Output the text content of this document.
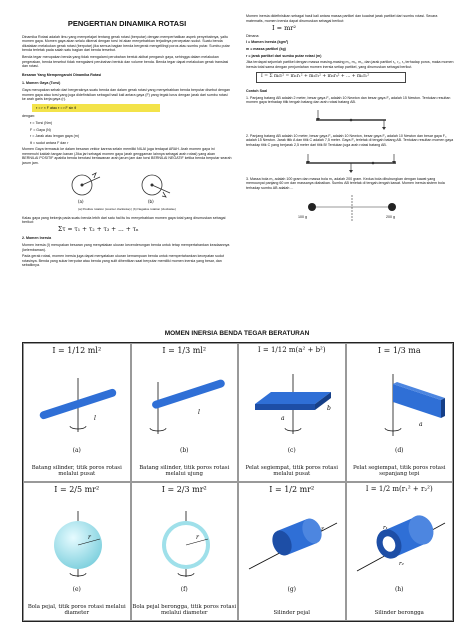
PENGERTIAN DINAMIKA ROTASI
Dinamika Rotasi adalah ilmu yang mempelajari tentang gerak rotasi (berputar) dengan memperhatikan aspek penyebabnya, yaitu momen gaya. Momen gaya akan selalu dikenal dengan torsi ini akan menyebabkan terjadinya percepatan sudut. Suatu benda dikatakan melakukan gerak rotasi (berputar) jika semua bagian benda bergerak mengelilingi poros atau sumbu putar. Sumbu putar benda terletak pada salah satu bagian dari benda tersebut.
Benda tegar merupakan benda yang tidak mengalami perubahan bentuk akibat pengaruh gaya, sehingga dalam melakukan pergerakan, benda tersebut tidak mengalami perubahan bentuk dan volume benda. Benda tegar dapat melakukan gerak translasi dan rotasi.
Besaran Yang Mempengaruhi Dinamika Rotasi
1. Momen Gaya (Torsi)
Gaya merupakan sebab dari bergeraknya suatu benda dan dalam gerak rotasi yang menyebabkan benda berputar disebut dengan momen gaya atau torsi yang juga didefinisikan sebagai hasil kali antara gaya (F) yang tegak lurus dengan jarak dari sumbu rotasi ke arah garis kerja gaya (r).
τ = r × F atau τ = r.F sin θ
dengan:
τ = Torsi (Nm)
F = Gaya (N)
r = Jarak atau lengan gaya (m)
θ = sudut antara F dan r
Momen Gaya termasuk ke dalam besaran vektor karena selain memiliki NILAI juga terdapat ARAH. Arah momen gaya ini memenuhi kaidah tangan kanan (Jika jari sebagai momen gaya (arah genggaman lainnya sebagai arah rotasi) yang akan BERNILAI POSITIF apabila benda berotasi berlawanan arah jarum jam dan torsi BERNILAI NEGATIF ketika benda berputar searah jarum jam.
(a)	(b)
(a) Positive rotation (counter clockwise) | (b) Negative rotation (clockwise)
Kalau gaya yang bekerja pada suatu benda lebih dari satu hal itu bu menyebabkan momen gaya total yang dirumuskan sebagai berikut:
Στ = τ₁ + τ₂ + τ₃ + ... + τₙ
2. Momen Inersia
Momen inersia (I) merupakan besaran yang menyatakan ukuran kecenderungan benda untuk tetap mempertahankan keadaannya (kelembaman).
Pada gerak rotasi, momen inersia juga dapat menyatakan ukuran kemampuan benda untuk mempertahankan kecepatan sudut rotasinya. Benda yang sukar berputar atau benda yang sulit dihentikan saat berputar memiliki momen inersia yang besar, dan sebaliknya.
Momen inersia didefinisikan sebagai hasil kali antara massa partikel dan kuadrat jarak partikel dari sumbu rotasi. Secara matematis, momen inersia dapat dirumuskan sebagai berikut:
I = mr²
Dimana:
I = Momen Inersia (kgm²)
m = massa partikel (kg)
r = jarak partikel dari sumbu putar rotasi (m)
Jika terdapat sejumlah partikel dengan massa masing-masing m₁, m₂, m₃, dan jarak partikel r₁, r₂, r₃ terhadap poros, maka momen inersia total sama dengan penjumlahan momen inersia setiap partikel, yang dirumuskan sebagai berikut.
I = Σ mᵢrᵢ² = m₁r₁² + m₂r₂² + m₃r₃² + ... + mₙrₙ²
Contoh Soal
1. Panjang batang AB adalah 2 meter, besar gaya F₁ adalah 10 Newton dan besar gaya F₂ adalah 15 Newton. Tentukan resultan momen gaya terhadap titik tengah batang dan arah rotasi batang AB.
2. Panjang batang AB adalah 10 meter, besar gaya F₁ adalah 10 Newton, besar gaya F₂ adalah 10 Newton dan besar gaya F₃ adalah 15 Newton. Jarak titik A dan titik C adalah 7,5 meter. Gaya F₁ terletak di tengah batang AB. Tentukan resultan momen gaya terhadap titik C yang berjarak 2,5 meter dari titik B! Tentukan juga arah rotasi batang AB.
3. Massa bola m₁ adalah 100 gram dan massa bola m₂ adalah 200 gram. Kedua bola dihubungkan dengan kawat yang memounyai panjang 60 cm dan massanya diabaikan. Sumbu AB terletak di tengah-tengah kawat. Momen inersia sistem bola terhadap sumbu AB adalah ...
100 g	200 g
MOMEN INERSIA BENDA TEGAR BERATURAN
I = 1/12 ml²
l
(a)
Batang silinder, titik poros rotasi melalui pusat
I = 1/3 ml²
l
(b)
Batang silinder, titik poros rotasi melalui ujung
I = 1/12 m(a² + b²)
a
b
(c)
Pelat segiempat, titik poros rotasi melalui pusat
I = 1/3 ma
a
(d)
Pelat segiempat, titik poros rotasi sepanjang tepi
I = 2/5 mr²
r
(e)
Bola pejal, titik poros rotasi melalui diameter
I = 2/3 mr²
r
(f)
Bola pejal berongga, titik poros rotasi melalui diameter
I = 1/2 mr²
r
(g)
Silinder pejal
I = 1/2 m(r₁² + r₂²)
r₂
r₁
(h)
Silinder berongga
